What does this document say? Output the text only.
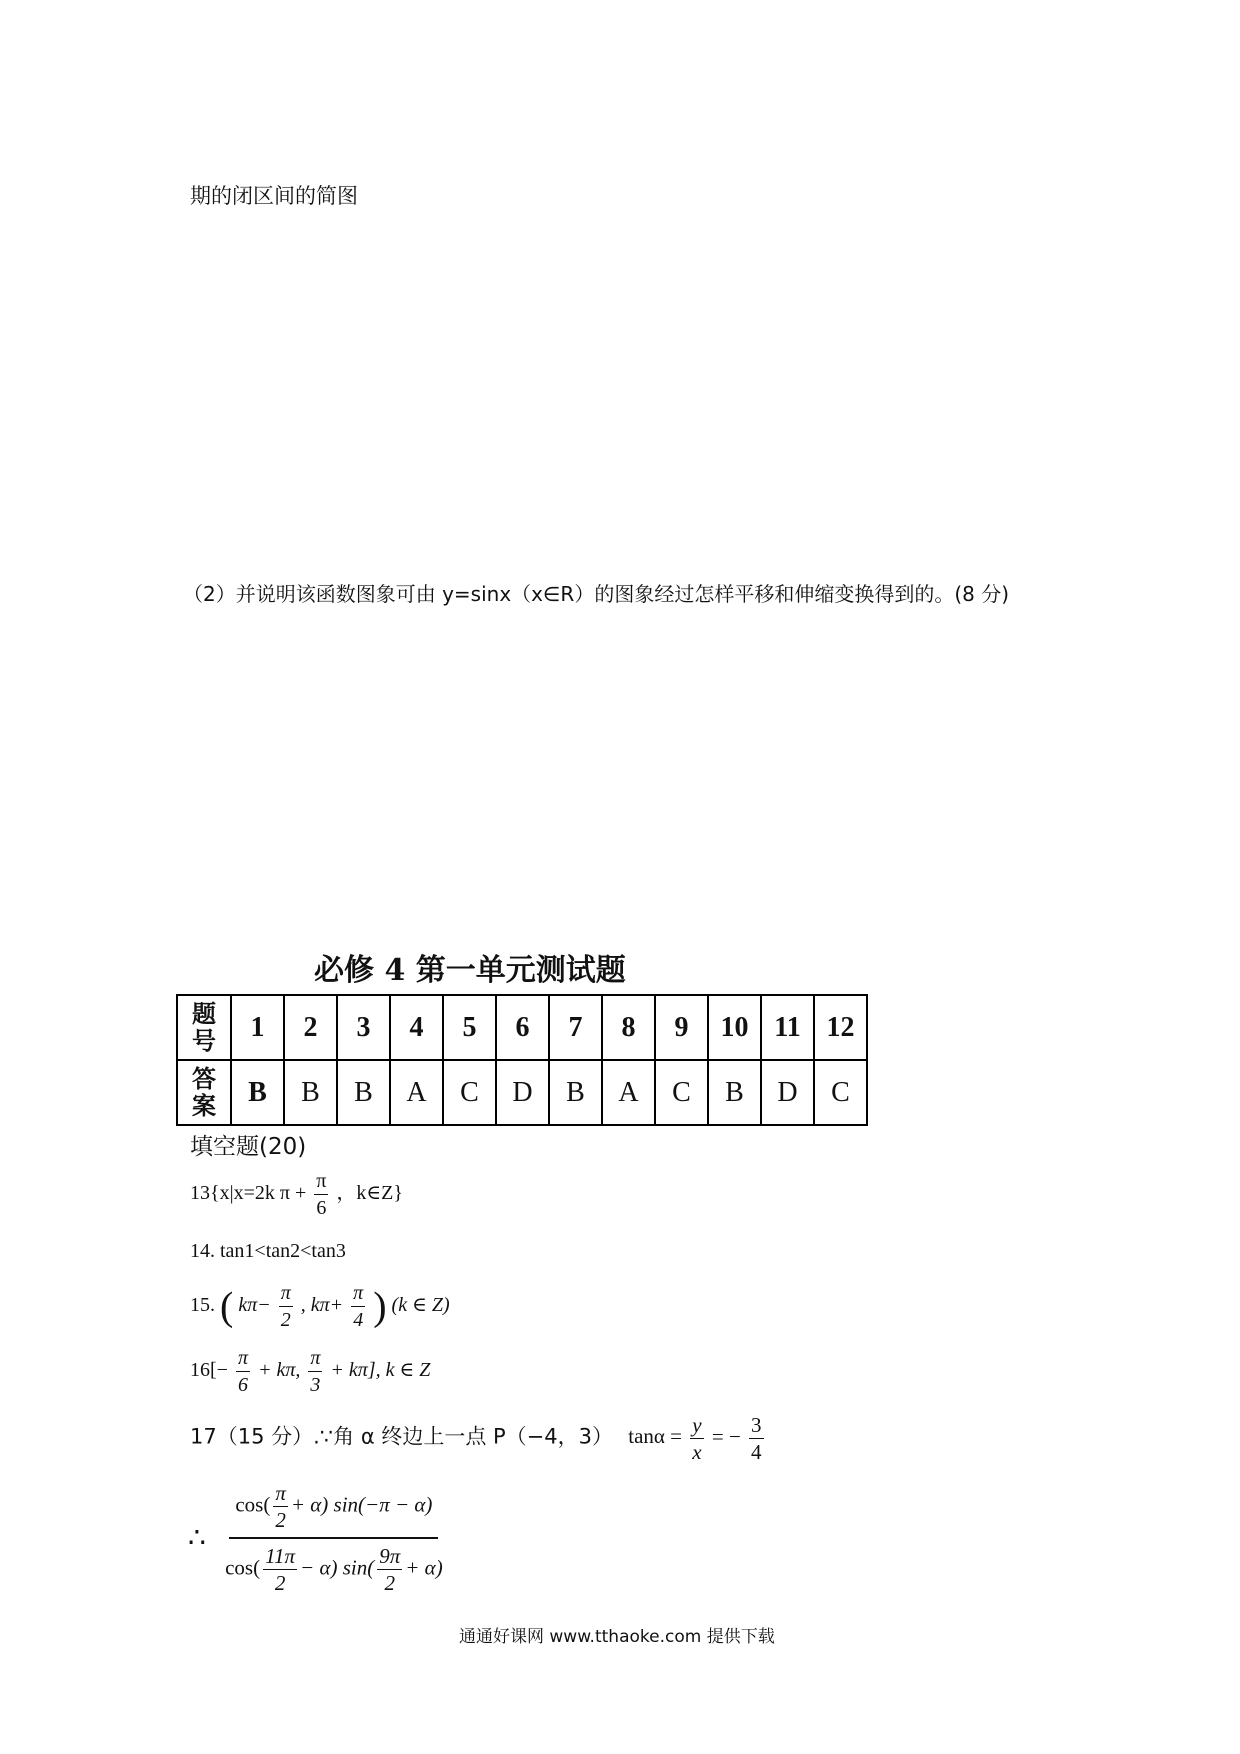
期的闭区间的简图
（2）并说明该函数图象可由 y=sinx（x∈R）的图象经过怎样平移和伸缩变换得到的。(8 分)
必修 4 第一单元测试题
题
号	1	2	3	4	5	6	7	8	9	10	11	12
答
案	B	B	B	A	C	D	B	A	C	B	D	C
填空题(20)
13{x|x=2k $\pi + \frac{\pi}{6}$ ，k∈Z}
14. tan1<tan2<tan3
15. ( $k\pi- \frac{\pi}{2}$ , $k\pi+ \frac{\pi}{4}$ ) (k ∈ Z)
$16[- \frac{\pi}{6} + k\pi$, $\frac{\pi}{3} + k\pi$], k ∈ Z
17（15 分）.∵角 α 终边上一点 P（−4，3） $\tan\alpha = \frac{y}{x}$ = − $\frac{3}{4}$
∴ $\frac{\cos( \frac{\pi}{2} + \alpha) \sin(-\pi - \alpha)}{\cos( \frac{11\pi}{2} - \alpha) \sin( \frac{9\pi}{2} + \alpha)}$
通通好课网 www.tthaoke.com 提供下载
